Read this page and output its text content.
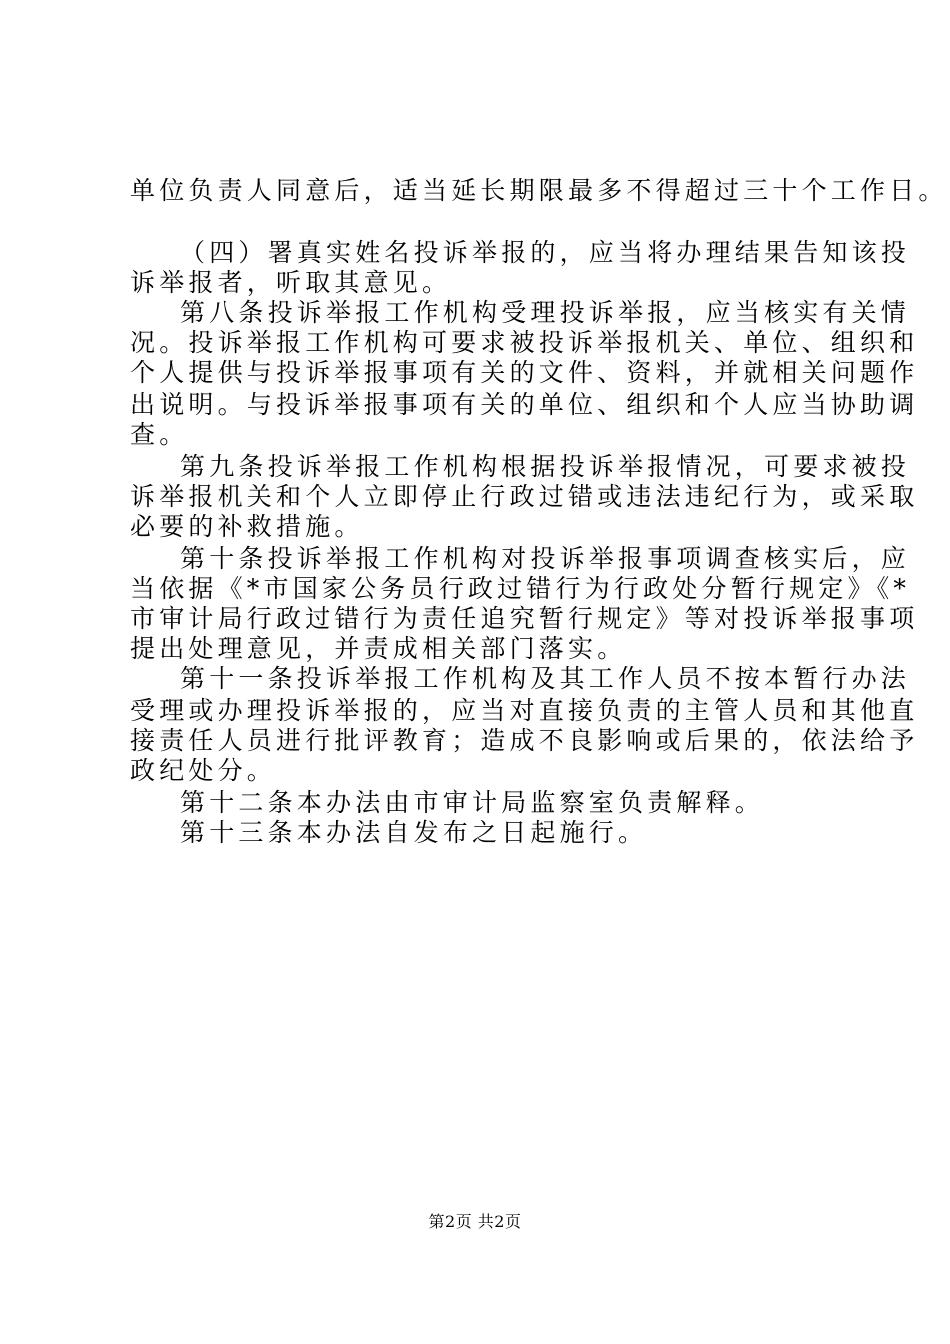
单位负责人同意后，适当延长期限最多不得超过三十个工作日。
（四）署真实姓名投诉举报的，应当将办理结果告知该投
诉举报者，听取其意见。
第八条投诉举报工作机构受理投诉举报，应当核实有关情
况。投诉举报工作机构可要求被投诉举报机关、单位、组织和
个人提供与投诉举报事项有关的文件、资料，并就相关问题作
出说明。与投诉举报事项有关的单位、组织和个人应当协助调
查。
第九条投诉举报工作机构根据投诉举报情况，可要求被投
诉举报机关和个人立即停止行政过错或违法违纪行为，或采取
必要的补救措施。
第十条投诉举报工作机构对投诉举报事项调查核实后，应
当依据《*市国家公务员行政过错行为行政处分暂行规定》《*
市审计局行政过错行为责任追究暂行规定》等对投诉举报事项
提出处理意见，并责成相关部门落实。
第十一条投诉举报工作机构及其工作人员不按本暂行办法
受理或办理投诉举报的，应当对直接负责的主管人员和其他直
接责任人员进行批评教育；造成不良影响或后果的，依法给予
政纪处分。
第十二条本办法由市审计局监察室负责解释。
第十三条本办法自发布之日起施行。
第2页 共2页
